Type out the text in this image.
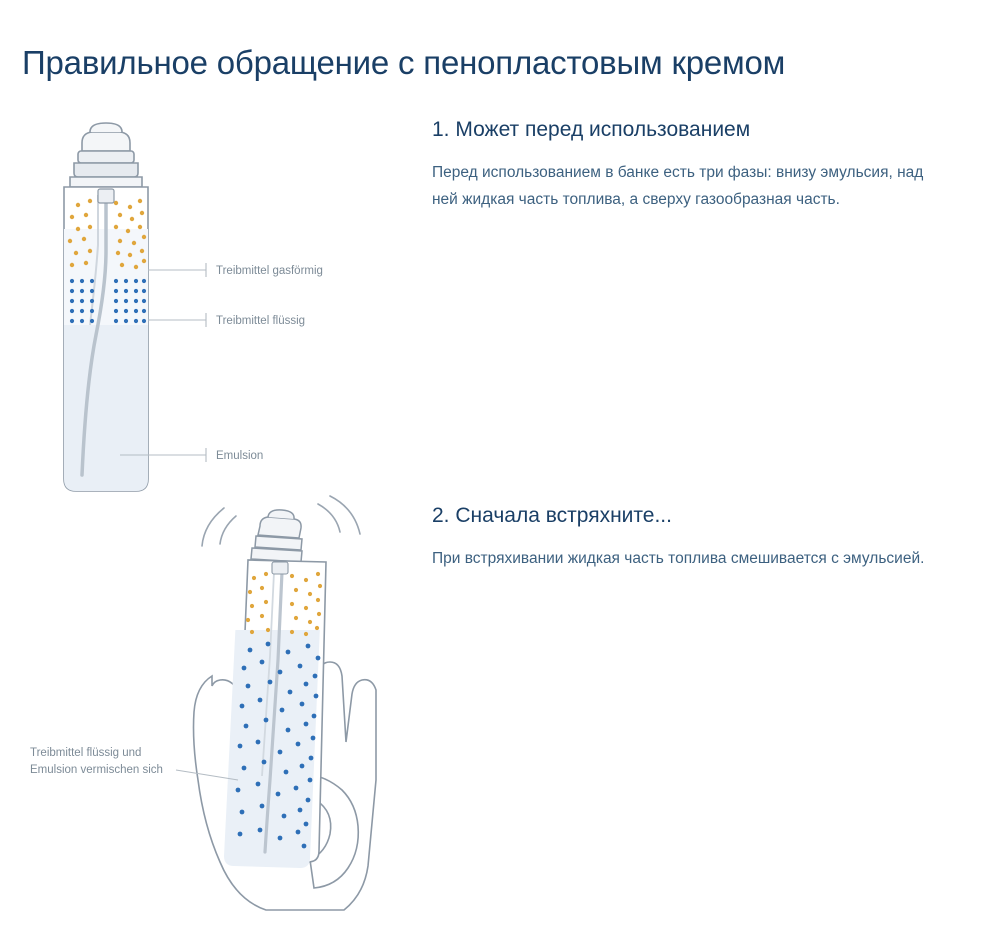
Правильное обращение с пенопластовым кремом
Treibmittel gasförmig
Treibmittel flüssig
Emulsion
1. Может перед использованием

Перед использованием в банке есть три фазы: внизу эмульсия, над ней жидкая часть топлива, а сверху газообразная часть.

Treibmittel flüssig und
Emulsion vermischen sich
2. Сначала встряхните...

При встряхивании жидкая часть топлива смешивается с эмульсией.
